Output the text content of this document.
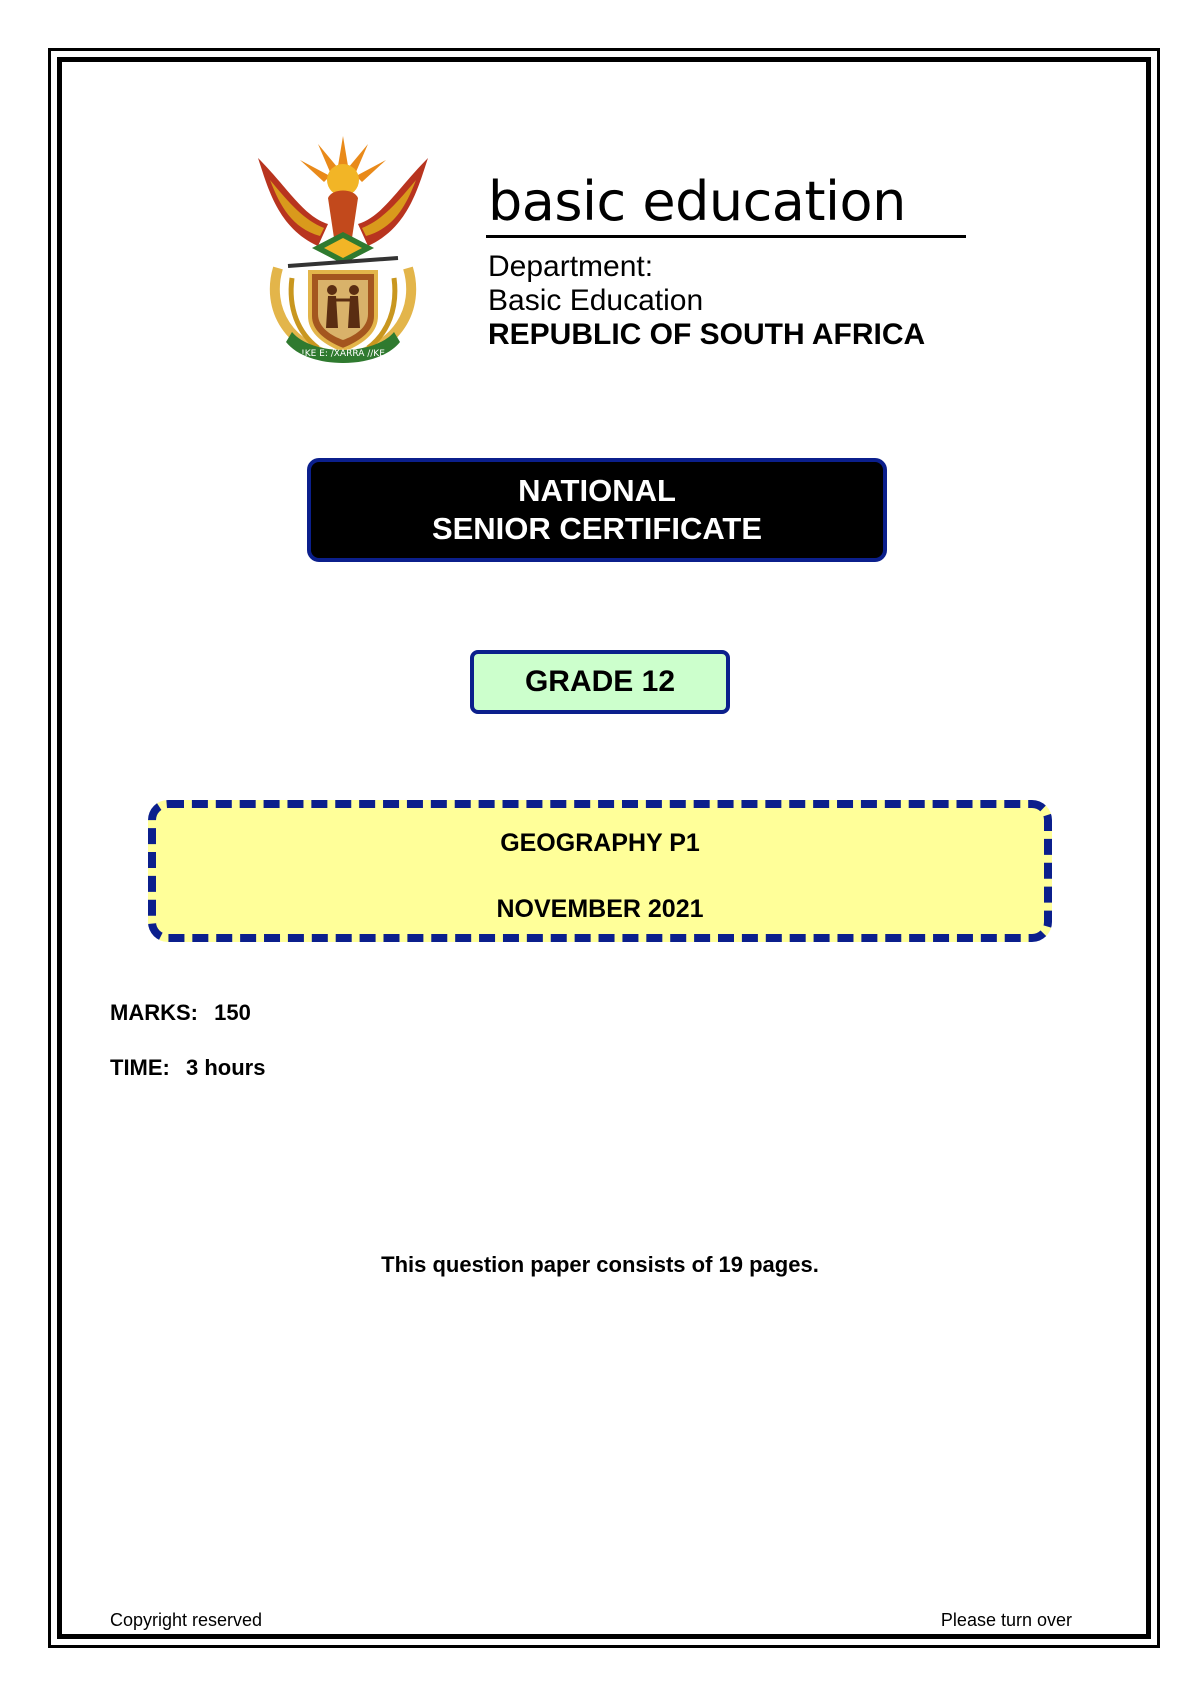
!KE E: /XARRA //KE
basic education
Department:
Basic Education
REPUBLIC OF SOUTH AFRICA
NATIONAL
SENIOR CERTIFICATE
GRADE 12
GEOGRAPHY P1
NOVEMBER 2021
MARKS: 150
TIME: 3 hours
This question paper consists of 19 pages.
Copyright reserved	Please turn over
